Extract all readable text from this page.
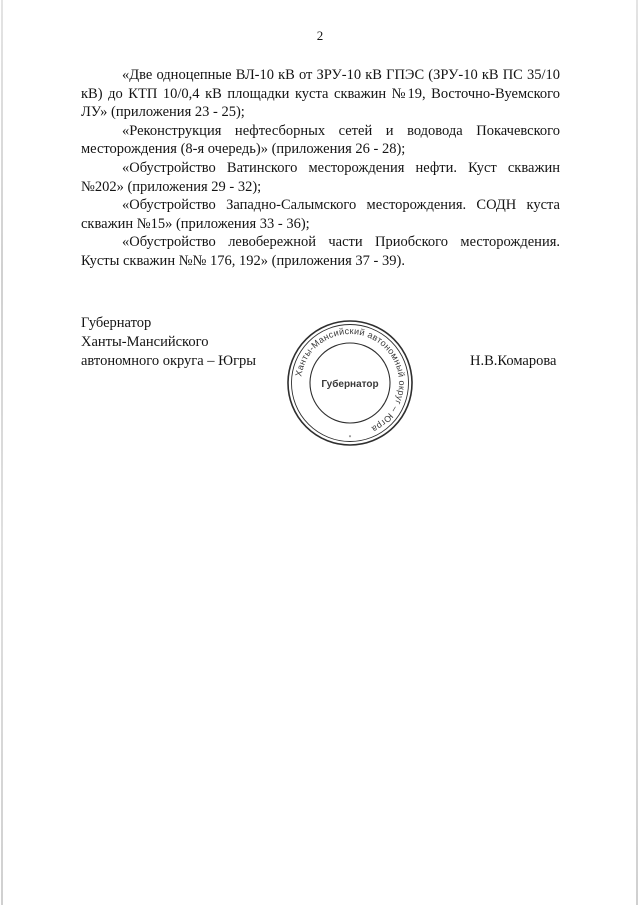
2

«Две одноцепные ВЛ-10 кВ от ЗРУ-10 кВ ГПЭС (ЗРУ-10 кВ ПС 35/10 кВ) до КТП 10/0,4 кВ площадки куста скважин №19, Восточно-Вуемского ЛУ» (приложения 23 - 25);

«Реконструкция нефтесборных сетей и водовода Покачевского месторождения (8-я очередь)» (приложения 26 - 28);

«Обустройство Ватинского месторождения нефти. Куст скважин №202» (приложения 29 - 32);

«Обустройство Западно-Салымского месторождения. СОДН куста скважин №15» (приложения 33 - 36);

«Обустройство левобережной части Приобского месторождения. Кусты скважин №№ 176, 192» (приложения 37 - 39).

Губернатор
Ханты-Мансийского
автономного округа – Югры	Н.В.Комарова
Ханты-Мансийский автономный округ – Югра
Губернатор
*
